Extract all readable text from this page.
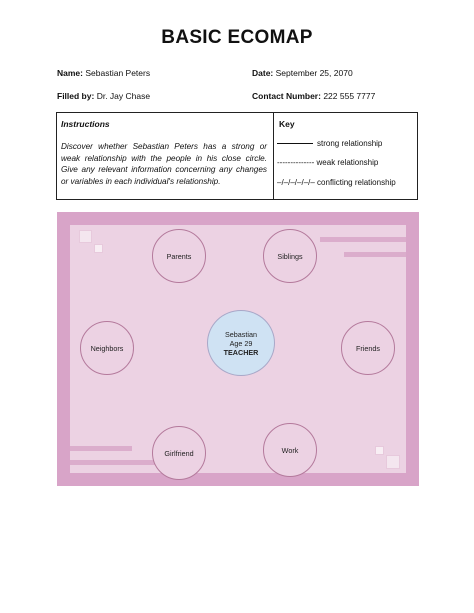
BASIC ECOMAP
Name: Sebastian Peters	Date: September 25, 2070
Filled by: Dr. Jay Chase	Contact Number: 222 555 7777
Instructions
Discover whether Sebastian Peters has a strong or weak relationship with the people in his close circle. Give any relevant information concerning any changes or variables in each individual's relationship.
Key
strong relationship
-------------- weak relationship
–/–/–/–/–/– conflicting relationship
Parents	Siblings
Neighbors	Friends
Girlfriend	Work
Sebastian
Age 29
TEACHER
